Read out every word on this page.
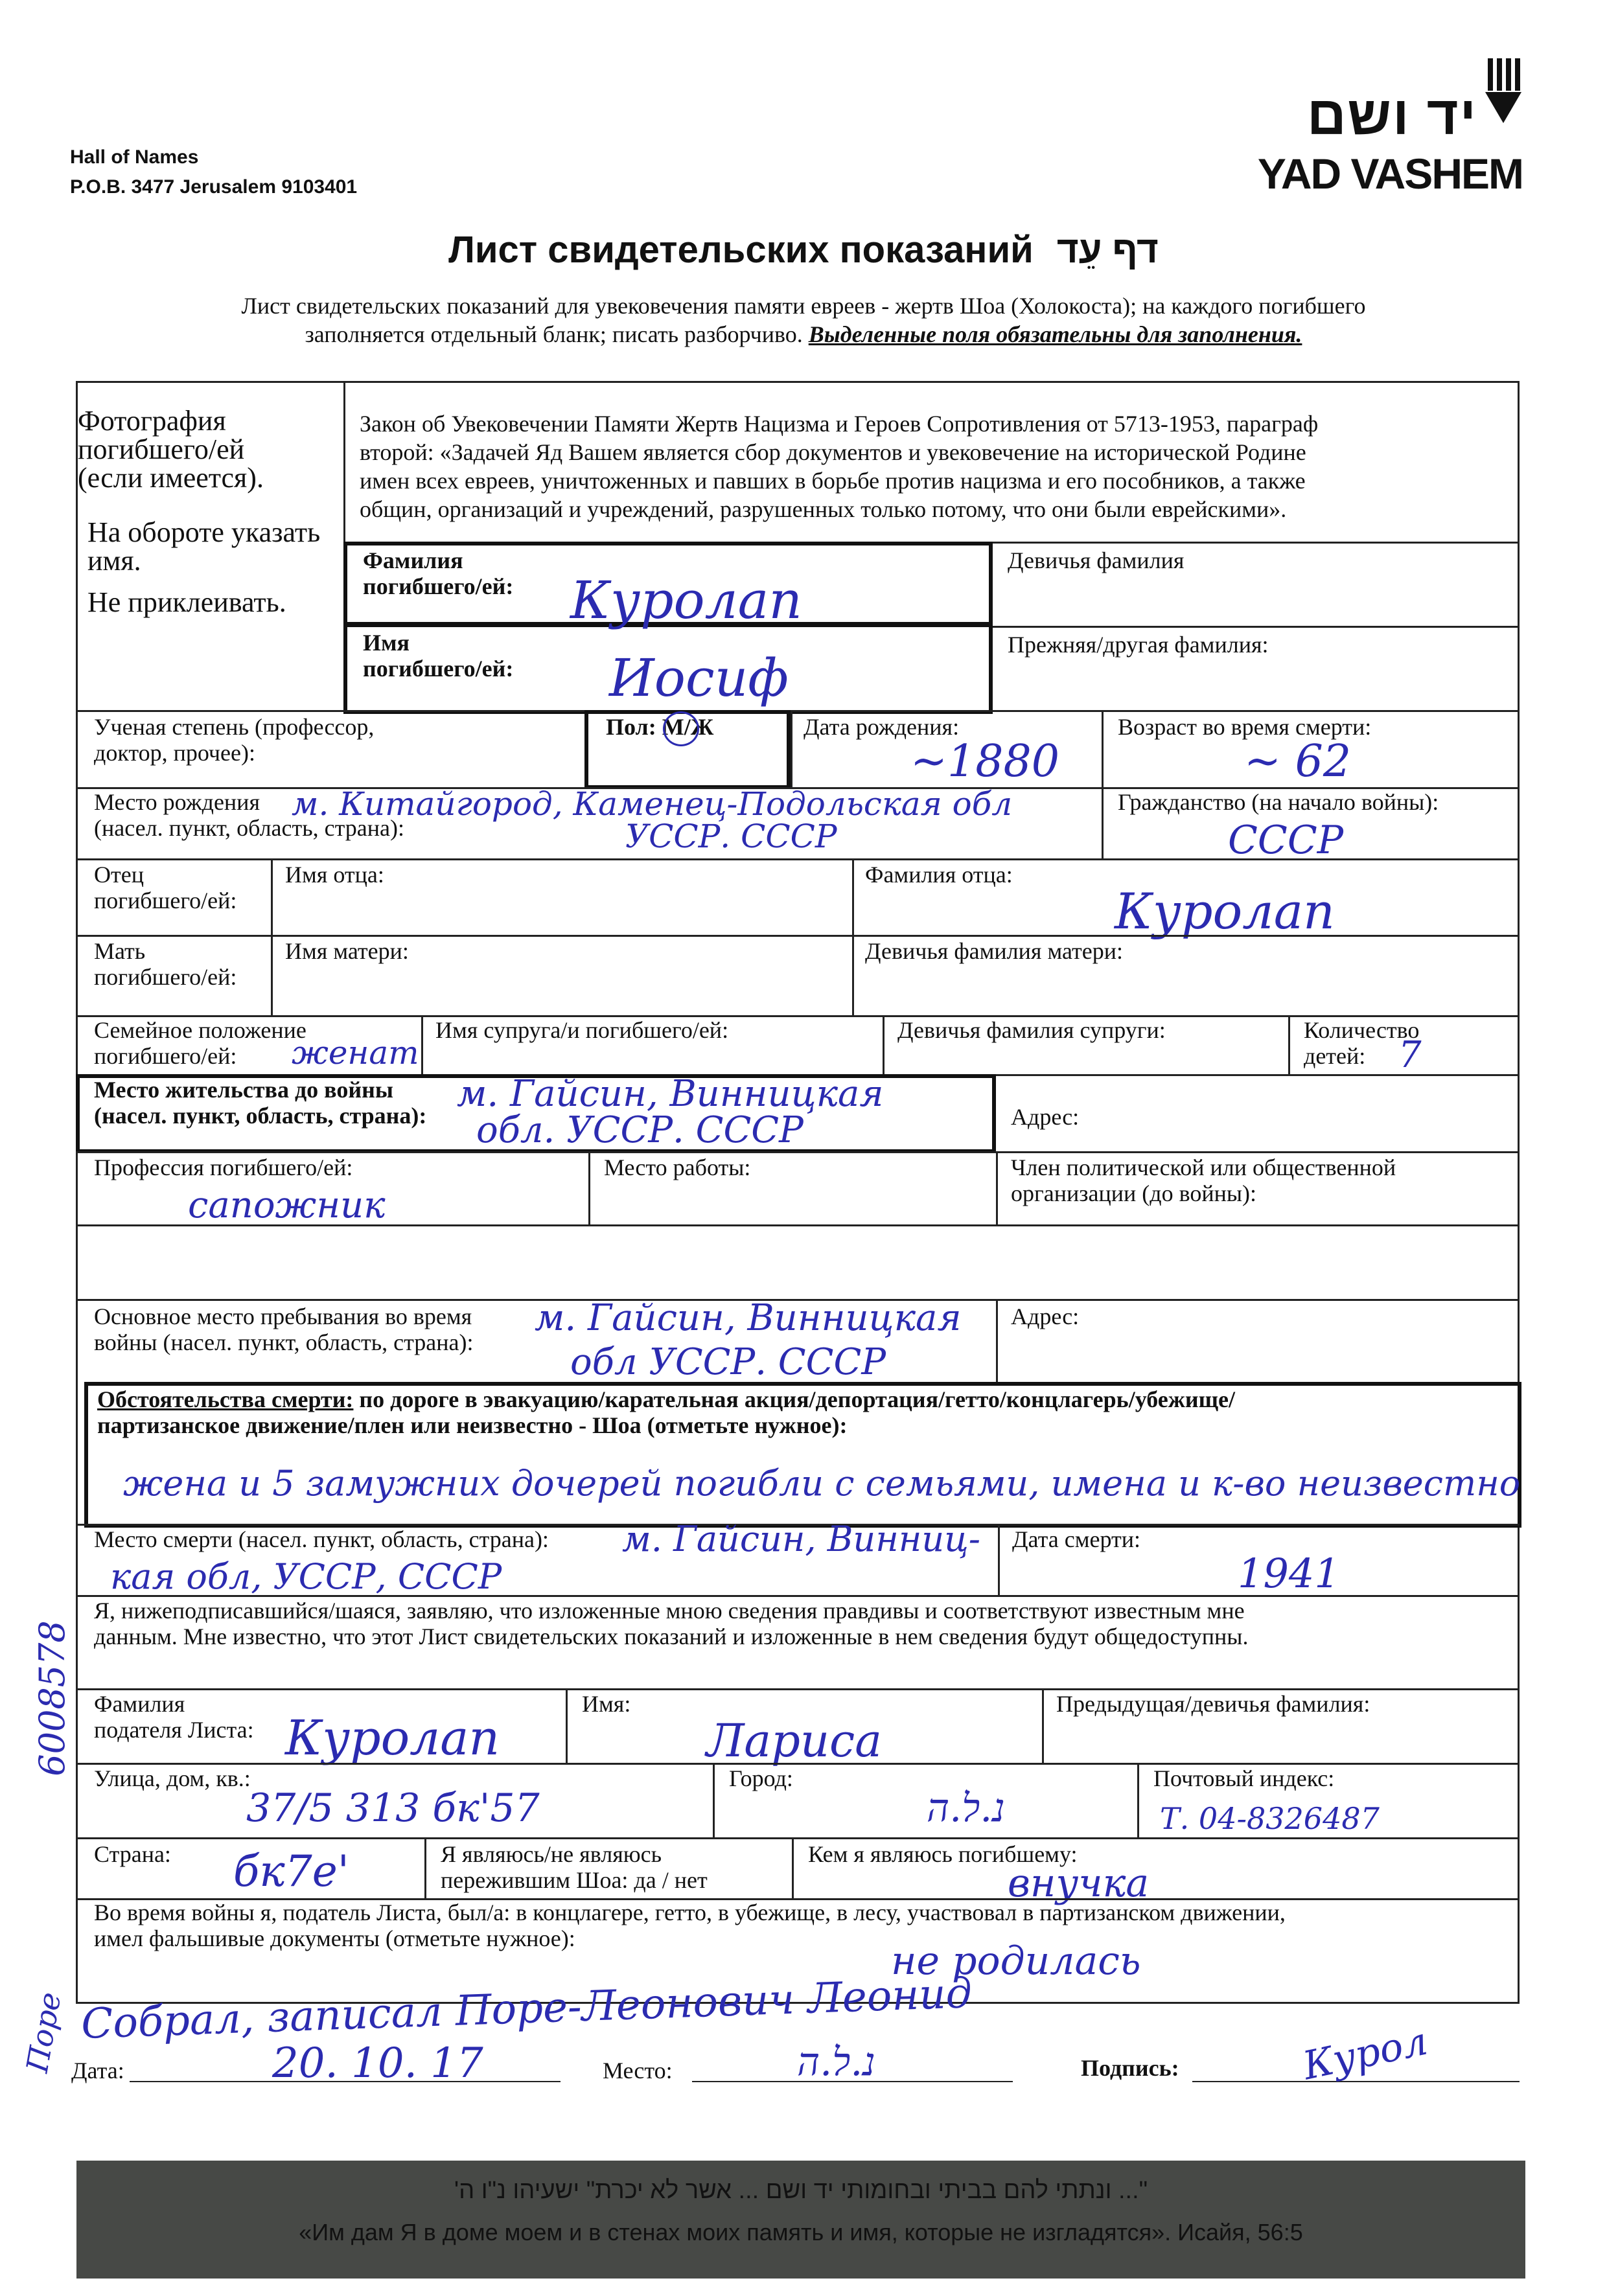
Hall of Names
P.O.B. 3477 Jerusalem 9103401
יד ושם
YAD VASHEM
Лист свидетельских показаний דף עֵד
Лист свидетельских показаний для увековечения памяти евреев - жертв Шоа (Холокоста); на каждого погибшего
заполняется отдельный бланк; писать разборчиво. Выделенные поля обязательны для заполнения.
Фотография
погибшего/ей
(если имеется).
На обороте указать
имя.
Не приклеивать.
Закон об Увековечении Памяти Жертв Нацизма и Героев Сопротивления от 5713-1953, параграф
второй: «Задачей Яд Вашем является сбор документов и увековечение на исторической Родине
имен всех евреев, уничтоженных и павших в борьбе против нацизма и его пособников, а также
общин, организаций и учреждений, разрушенных только потому, что они были еврейскими».
Фамилия
погибшего/ей: Куролап
Девичья фамилия
Имя
погибшего/ей: Иосиф
Прежняя/другая фамилия:
Ученая степень (профессор,
доктор, прочее):
Пол: М/Ж	Дата рождения:
~1880
Возраст во время смерти:
~ 62
Место рождения
(насел. пункт, область, страна):
м. Китайгород, Каменец-Подольская обл
УССР. СССР
Гражданство (на начало войны):
СССР
Отец
погибшего/ей:
Имя отца:	Фамилия отца:
Куролап
Мать
погибшего/ей:
Имя матери:	Девичья фамилия матери:
Семейное положение
погибшего/ей:	женат
Имя супруга/и погибшего/ей:	Девичья фамилия супруги:	Количество
детей: 7
Место жительства до войны
(насел. пункт, область, страна):
м. Гайсин, Винницкая
обл. УССР. СССР	Адрес:
Профессия погибшего/ей:
сапожник
Место работы:	Член политической или общественной
организации (до войны):
Основное место пребывания во время
войны (насел. пункт, область, страна):
м. Гайсин, Винницкая
обл УССР. СССР
Адрес:
Обстоятельства смерти: по дороге в эвакуацию/карательная акция/депортация/гетто/концлагерь/убежище/
партизанское движение/плен или неизвестно - Шоа (отметьте нужное):
жена и 5 замужних дочерей погибли с семьями, имена и к-во неизвестно
Место смерти (насел. пункт, область, страна): м. Гайсин, Винниц-
кая обл, УССР, СССР
Дата смерти:
1941
Я, нижеподписавшийся/шаяся, заявляю, что изложенные мною сведения правдивы и соответствуют известным мне
данным. Мне известно, что этот Лист свидетельских показаний и изложенные в нем сведения будут общедоступны.
Фамилия
подателя Листа: Куролап
Имя:
Лариса
Предыдущая/девичья фамилия:
Улица, дом, кв.:
37/5 313 бк'57
Город:
נ.ל.ה
Почтовый индекс:
Т. 04-8326487
Страна: бк7е'	Я являюсь/не являюсь
пережившим Шоа: да / нет
Кем я являюсь погибшему:
внучка
Во время войны я, податель Листа, был/а: в концлагере, гетто, в убежище, в лесу, участвовал в партизанском движении,
имел фальшивые документы (отметьте нужное):	не родилась
Собрал, записал Поре-Леонович Леонид
Дата:	20. 10. 17	Место:	נ.ל.ה	Подпись:	Курол
6008578
Поре
"... ונתתי להם בביתי ובחומותי יד ושם ... אשר לא יכרת" ישעיהו נ"ו ה'
«Им дам Я в доме моем и в стенах моих память и имя, которые не изгладятся». Исайя, 56:5
